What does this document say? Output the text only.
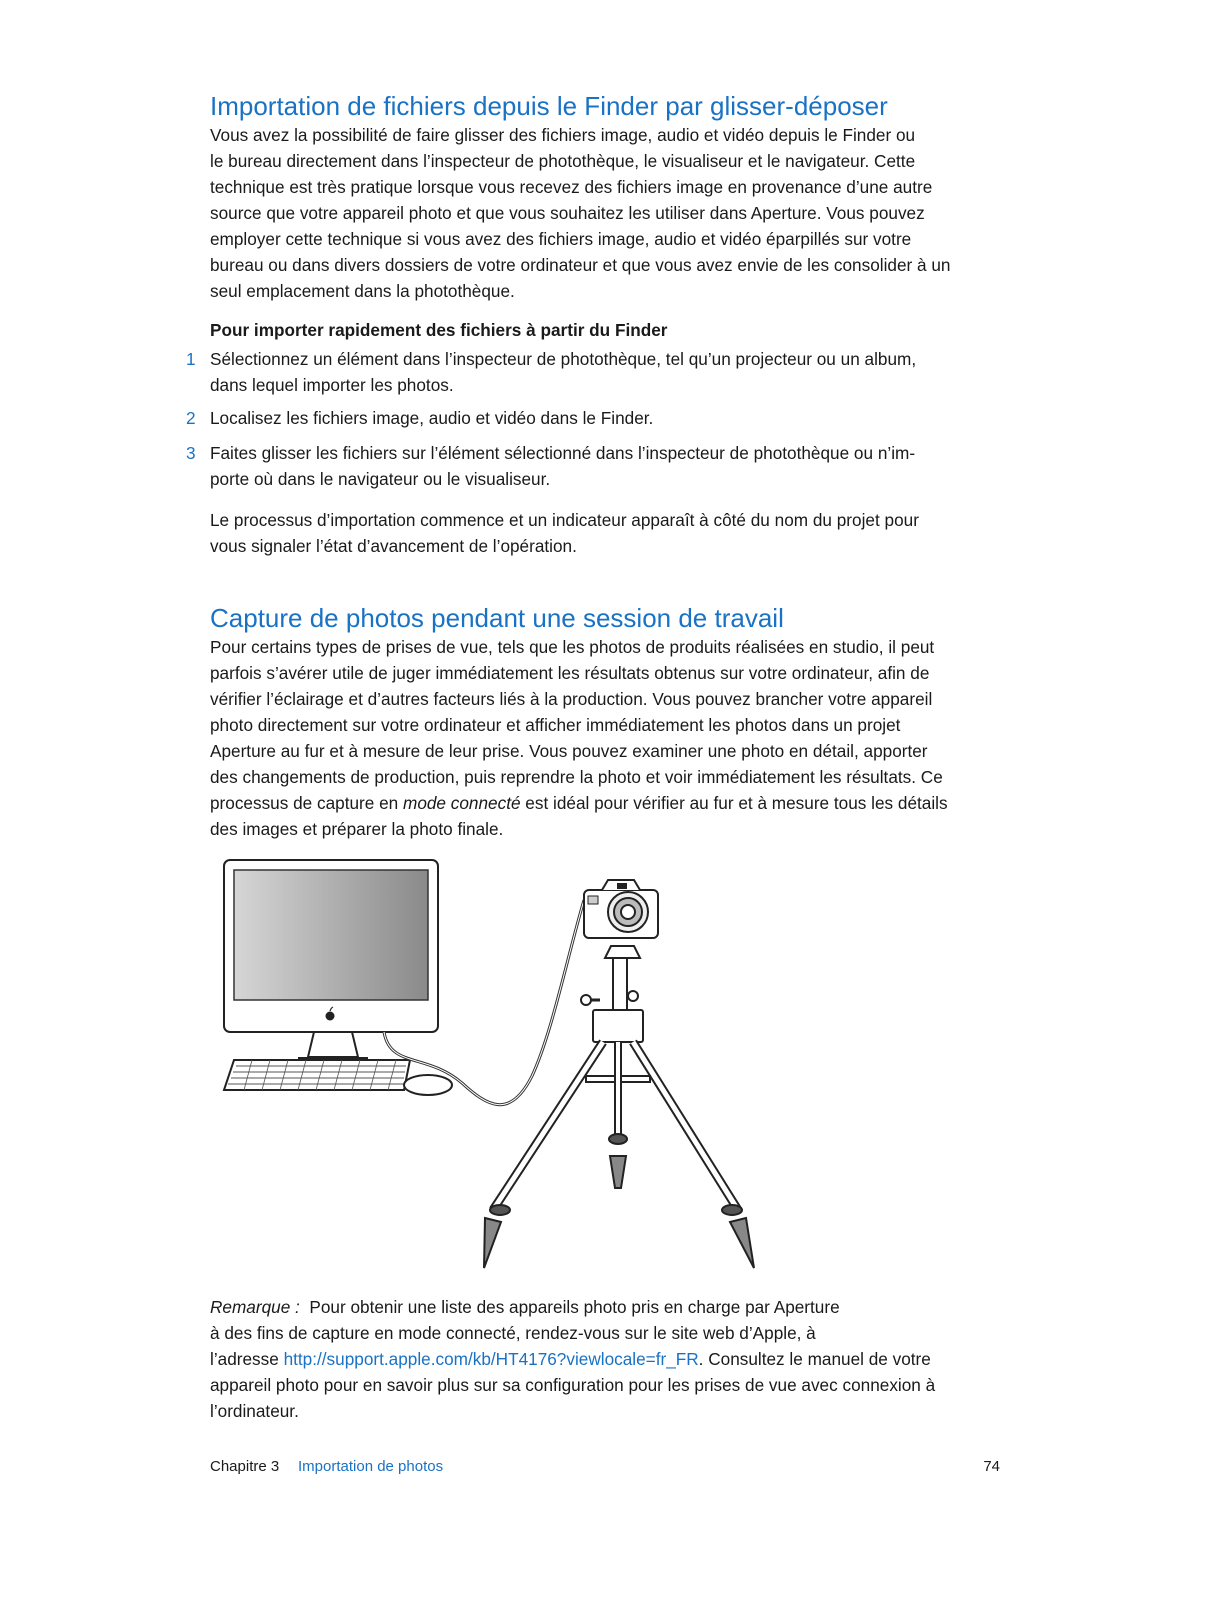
Importation de fichiers depuis le Finder par glisser-déposer
Vous avez la possibilité de faire glisser des fichiers image, audio et vidéo depuis le Finder ou
le bureau directement dans l’inspecteur de photothèque, le visualiseur et le navigateur. Cette
technique est très pratique lorsque vous recevez des fichiers image en provenance d’une autre
source que votre appareil photo et que vous souhaitez les utiliser dans Aperture. Vous pouvez
employer cette technique si vous avez des fichiers image, audio et vidéo éparpillés sur votre
bureau ou dans divers dossiers de votre ordinateur et que vous avez envie de les consolider à un
seul emplacement dans la photothèque.
Pour importer rapidement des fichiers à partir du Finder
1 Sélectionnez un élément dans l’inspecteur de photothèque, tel qu’un projecteur ou un album,
dans lequel importer les photos.
2 Localisez les fichiers image, audio et vidéo dans le Finder.
3 Faites glisser les fichiers sur l’élément sélectionné dans l’inspecteur de photothèque ou n’im-
porte où dans le navigateur ou le visualiseur.
Le processus d’importation commence et un indicateur apparaît à côté du nom du projet pour
vous signaler l’état d’avancement de l’opération.
Capture de photos pendant une session de travail
Pour certains types de prises de vue, tels que les photos de produits réalisées en studio, il peut
parfois s’avérer utile de juger immédiatement les résultats obtenus sur votre ordinateur, afin de
vérifier l’éclairage et d’autres facteurs liés à la production. Vous pouvez brancher votre appareil
photo directement sur votre ordinateur et afficher immédiatement les photos dans un projet
Aperture au fur et à mesure de leur prise. Vous pouvez examiner une photo en détail, apporter
des changements de production, puis reprendre la photo et voir immédiatement les résultats. Ce
processus de capture en mode connecté est idéal pour vérifier au fur et à mesure tous les détails
des images et préparer la photo finale.
Remarque : Pour obtenir une liste des appareils photo pris en charge par Aperture
à des fins de capture en mode connecté, rendez-vous sur le site web d’Apple, à
l’adresse http://support.apple.com/kb/HT4176?viewlocale=fr_FR. Consultez le manuel de votre
appareil photo pour en savoir plus sur sa configuration pour les prises de vue avec connexion à
l’ordinateur.
Chapitre 3 Importation de photos	74
